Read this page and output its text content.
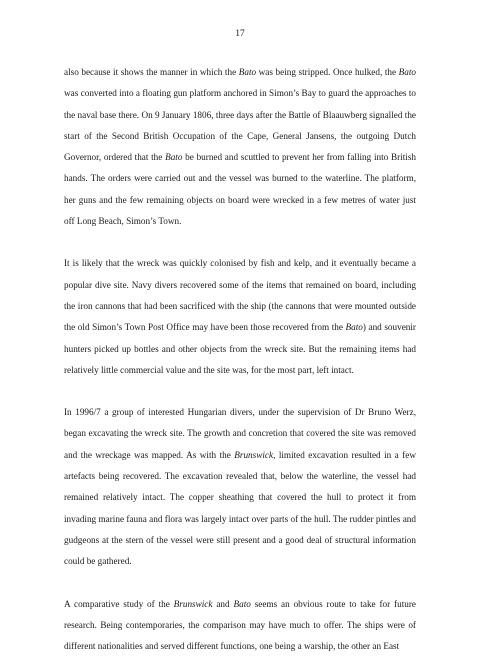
17

also because it shows the manner in which the Bato was being stripped. Once hulked, the Bato was converted into a floating gun platform anchored in Simon’s Bay to guard the approaches to the naval base there. On 9 January 1806, three days after the Battle of Blaauwberg signalled the start of the Second British Occupation of the Cape, General Jansens, the outgoing Dutch Governor, ordered that the Bato be burned and scuttled to prevent her from falling into British hands. The orders were carried out and the vessel was burned to the waterline. The platform, her guns and the few remaining objects on board were wrecked in a few metres of water just off Long Beach, Simon’s Town.

It is likely that the wreck was quickly colonised by fish and kelp, and it eventually became a popular dive site. Navy divers recovered some of the items that remained on board, including the iron cannons that had been sacrificed with the ship (the cannons that were mounted outside the old Simon’s Town Post Office may have been those recovered from the Bato) and souvenir hunters picked up bottles and other objects from the wreck site. But the remaining items had relatively little commercial value and the site was, for the most part, left intact.

In 1996/7 a group of interested Hungarian divers, under the supervision of Dr Bruno Werz, began excavating the wreck site. The growth and concretion that covered the site was removed and the wreckage was mapped. As with the Brunswick, limited excavation resulted in a few artefacts being recovered. The excavation revealed that, below the waterline, the vessel had remained relatively intact. The copper sheathing that covered the hull to protect it from invading marine fauna and flora was largely intact over parts of the hull. The rudder pintles and gudgeons at the stern of the vessel were still present and a good deal of structural information could be gathered.

A comparative study of the Brunswick and Bato seems an obvious route to take for future research. Being contemporaries, the comparison may have much to offer. The ships were of different nationalities and served different functions, one being a warship, the other an East
